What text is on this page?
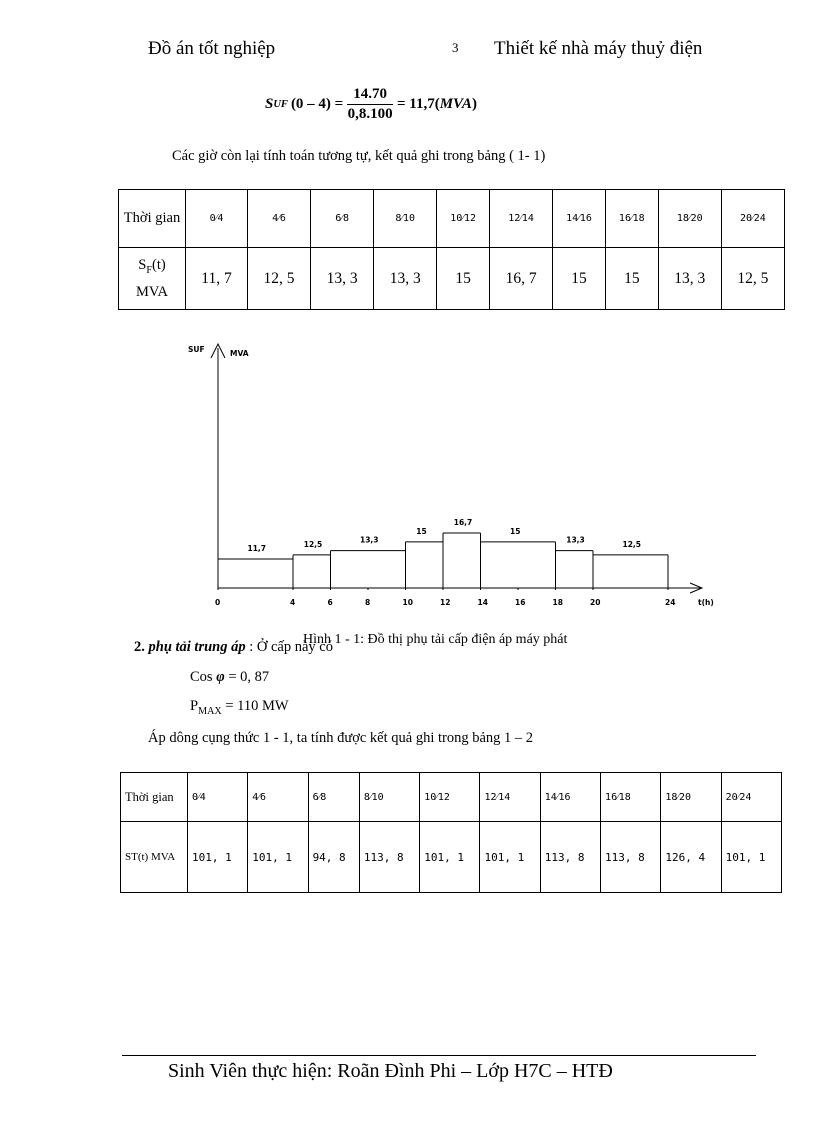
Đồ án tốt nghiệp	3 Thiết kế nhà máy thuỷ điện
S UF $(0 - 4) = \frac{14.70}{0,8.100} = 11,7$( MVA )
Các giờ còn lại tính toán tương tự, kết quả ghi trong bảng ( 1- 1)
Thời gian	0⁄4	4⁄6	6⁄8	8⁄10	10⁄12	12⁄14	14⁄16	16⁄18	18⁄20	20⁄24
$S_F(t)$
MVA	11, 7	12, 5	13, 3	13, 3	15	16, 7	15	15	13, 3	12, 5
SUF	MVA
t(h)
0	4	6	8	10	12	14	16	18	20	24
11,7	12,5	13,3
15
16,7
15
13,3	12,5
Hình 1 - 1: Đồ thị phụ tải cấp điện áp máy phát
2. phụ tải trung áp : Ở cấp này có
Cos φ = 0, 87
$P_{MAX} = 110$ MW
Áp dông cụng thức 1 - 1, ta tính được kết quả ghi trong bảng 1 – 2
Thời gian	0⁄4	4⁄6	6⁄8	8⁄10	10⁄12	12⁄14	14⁄16	16⁄18	18⁄20	20⁄24
ST(t) MVA	101, 1	101, 1	94, 8	113, 8	101, 1	101, 1	113, 8	113, 8	126, 4	101, 1
Sinh Viên thực hiện: Roãn Đình Phi – Lớp H7C – HTĐ
